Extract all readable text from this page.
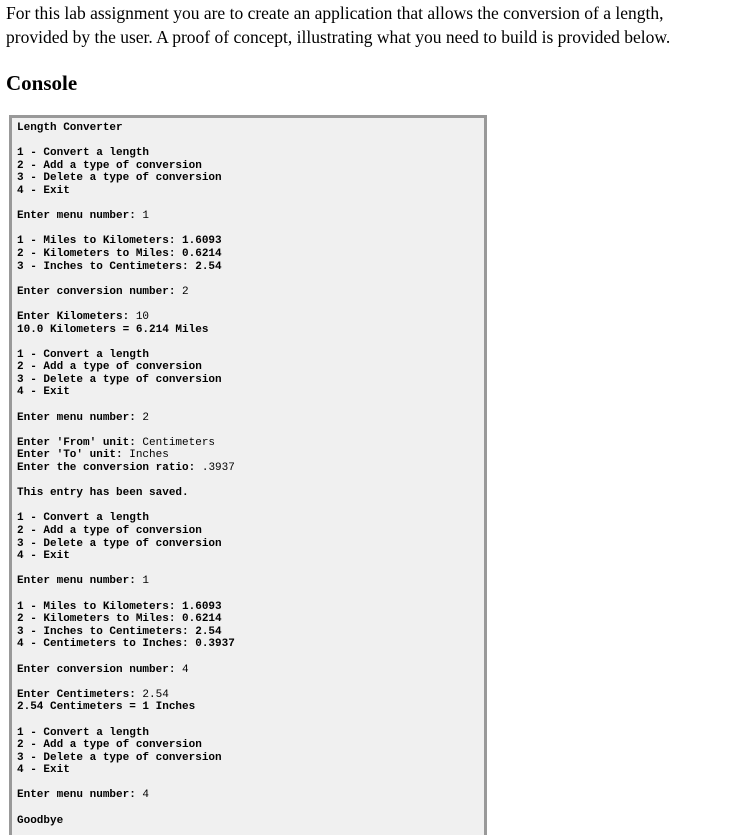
For this lab assignment you are to create an application that allows the conversion of a length, provided by the user. A proof of concept, illustrating what you need to build is provided below.

Console
Length Converter
1 - Convert a length
2 - Add a type of conversion
3 - Delete a type of conversion
4 - Exit
Enter menu number: 1
1 - Miles to Kilometers: 1.6093
2 - Kilometers to Miles: 0.6214
3 - Inches to Centimeters: 2.54
Enter conversion number: 2
Enter Kilometers: 10
10.0 Kilometers = 6.214 Miles
1 - Convert a length
2 - Add a type of conversion
3 - Delete a type of conversion
4 - Exit
Enter menu number: 2
Enter 'From' unit: Centimeters
Enter 'To' unit: Inches
Enter the conversion ratio: .3937
This entry has been saved.
1 - Convert a length
2 - Add a type of conversion
3 - Delete a type of conversion
4 - Exit
Enter menu number: 1
1 - Miles to Kilometers: 1.6093
2 - Kilometers to Miles: 0.6214
3 - Inches to Centimeters: 2.54
4 - Centimeters to Inches: 0.3937
Enter conversion number: 4
Enter Centimeters: 2.54
2.54 Centimeters = 1 Inches
1 - Convert a length
2 - Add a type of conversion
3 - Delete a type of conversion
4 - Exit
Enter menu number: 4
Goodbye
